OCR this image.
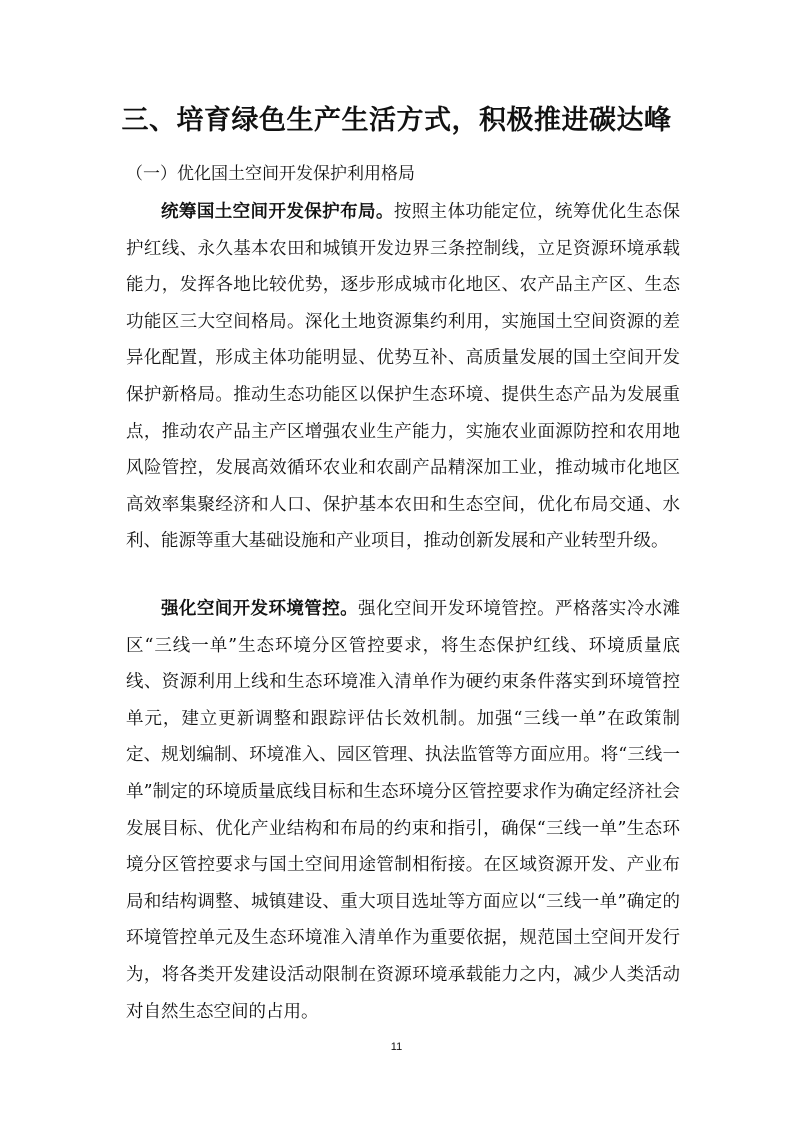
三、培育绿色生产生活方式，积极推进碳达峰
（一）优化国土空间开发保护利用格局

统筹国土空间开发保护布局。按照主体功能定位，统筹优化生态保护红线、永久基本农田和城镇开发边界三条控制线，立足资源环境承载能力，发挥各地比较优势，逐步形成城市化地区、农产品主产区、生态功能区三大空间格局。深化土地资源集约利用，实施国土空间资源的差异化配置，形成主体功能明显、优势互补、高质量发展的国土空间开发保护新格局。推动生态功能区以保护生态环境、提供生态产品为发展重点，推动农产品主产区增强农业生产能力，实施农业面源防控和农用地风险管控，发展高效循环农业和农副产品精深加工业，推动城市化地区高效率集聚经济和人口、保护基本农田和生态空间，优化布局交通、水利、能源等重大基础设施和产业项目，推动创新发展和产业转型升级。

强化空间开发环境管控。强化空间开发环境管控。严格落实冷水滩区“三线一单”生态环境分区管控要求，将生态保护红线、环境质量底线、资源利用上线和生态环境准入清单作为硬约束条件落实到环境管控单元，建立更新调整和跟踪评估长效机制。加强“三线一单”在政策制定、规划编制、环境准入、园区管理、执法监管等方面应用。将“三线一单”制定的环境质量底线目标和生态环境分区管控要求作为确定经济社会发展目标、优化产业结构和布局的约束和指引，确保“三线一单”生态环境分区管控要求与国土空间用途管制相衔接。在区域资源开发、产业布局和结构调整、城镇建设、重大项目选址等方面应以“三线一单”确定的环境管控单元及生态环境准入清单作为重要依据，规范国土空间开发行为，将各类开发建设活动限制在资源环境承载能力之内，减少人类活动对自然生态空间的占用。

11
